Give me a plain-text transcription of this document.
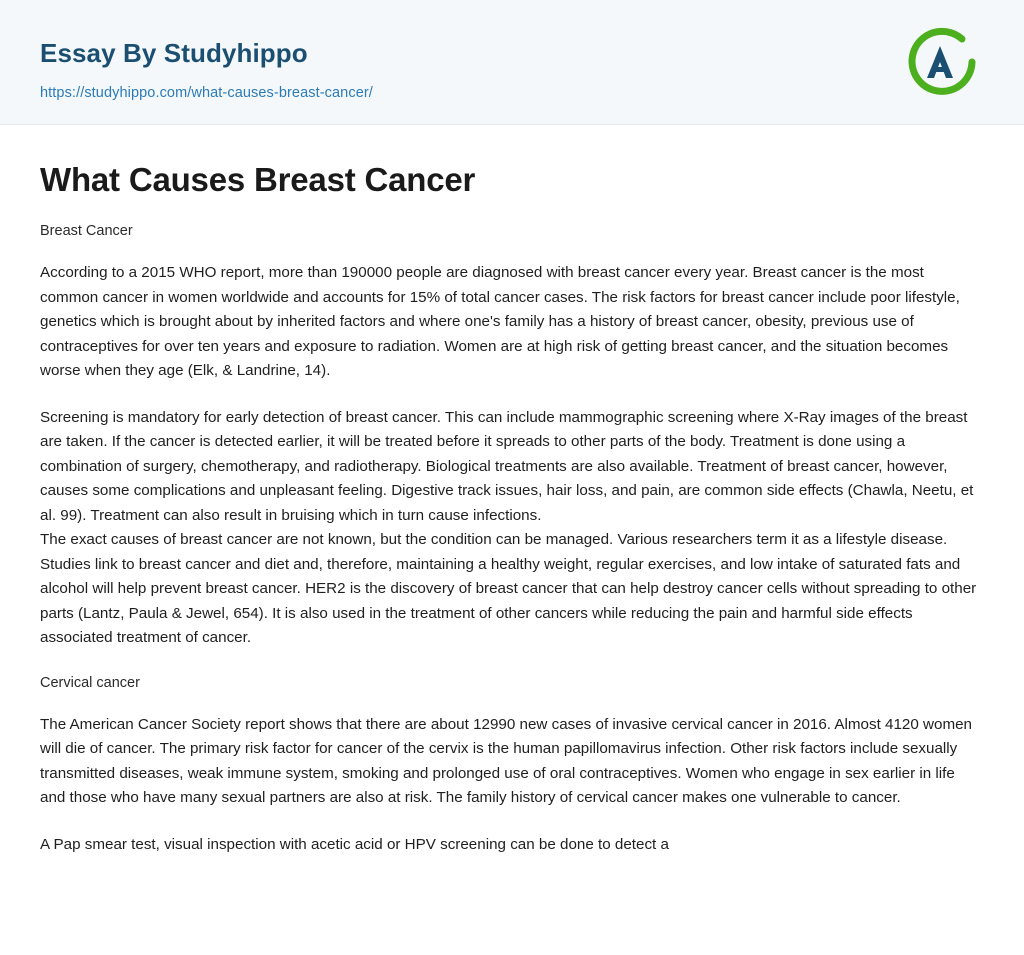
Essay By Studyhippo
https://studyhippo.com/what-causes-breast-cancer/
What Causes Breast Cancer
Breast Cancer

According to a 2015 WHO report, more than 190000 people are diagnosed with breast cancer every year. Breast cancer is the most common cancer in women worldwide and accounts for 15% of total cancer cases. The risk factors for breast cancer include poor lifestyle, genetics which is brought about by inherited factors and where one's family has a history of breast cancer, obesity, previous use of contraceptives for over ten years and exposure to radiation. Women are at high risk of getting breast cancer, and the situation becomes worse when they age (Elk, & Landrine, 14).

Screening is mandatory for early detection of breast cancer. This can include mammographic screening where X-Ray images of the breast are taken. If the cancer is detected earlier, it will be treated before it spreads to other parts of the body. Treatment is done using a combination of surgery, chemotherapy, and radiotherapy. Biological treatments are also available. Treatment of breast cancer, however, causes some complications and unpleasant feeling. Digestive track issues, hair loss, and pain, are common side effects (Chawla, Neetu, et al. 99). Treatment can also result in bruising which in turn cause infections.

The exact causes of breast cancer are not known, but the condition can be managed. Various researchers term it as a lifestyle disease. Studies link to breast cancer and diet and, therefore, maintaining a healthy weight, regular exercises, and low intake of saturated fats and alcohol will help prevent breast cancer. HER2 is the discovery of breast cancer that can help destroy cancer cells without spreading to other parts (Lantz, Paula & Jewel, 654). It is also used in the treatment of other cancers while reducing the pain and harmful side effects associated treatment of cancer.

Cervical cancer

The American Cancer Society report shows that there are about 12990 new cases of invasive cervical cancer in 2016. Almost 4120 women will die of cancer. The primary risk factor for cancer of the cervix is the human papillomavirus infection. Other risk factors include sexually transmitted diseases, weak immune system, smoking and prolonged use of oral contraceptives. Women who engage in sex earlier in life and those who have many sexual partners are also at risk. The family history of cervical cancer makes one vulnerable to cancer.

A Pap smear test, visual inspection with acetic acid or HPV screening can be done to detect a
